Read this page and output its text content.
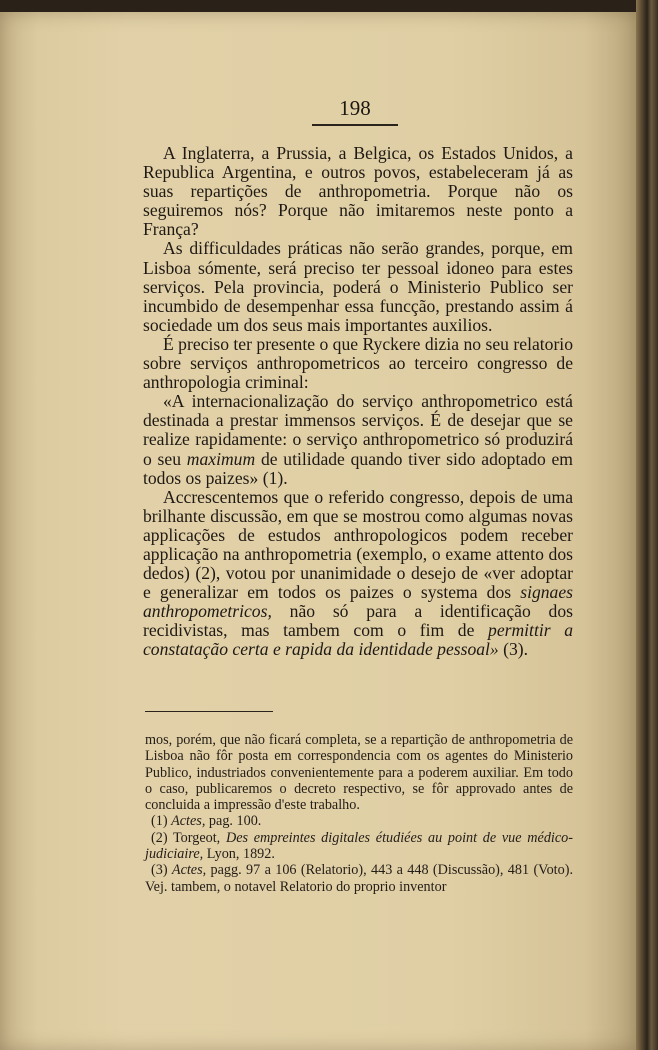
198

A Inglaterra, a Prussia, a Belgica, os Estados Unidos, a Republica Argentina, e outros povos, estabeleceram já as suas repartições de anthropometria. Porque não os seguiremos nós? Porque não imitaremos neste ponto a França?

As difficuldades práticas não serão grandes, porque, em Lisboa sómente, será preciso ter pessoal idoneo para estes serviços. Pela provincia, poderá o Ministerio Publico ser incumbido de desempenhar essa funcção, prestando assim á sociedade um dos seus mais importantes auxilios.

É preciso ter presente o que Ryckere dizia no seu relatorio sobre serviços anthropometricos ao terceiro congresso de anthropologia criminal:

«A internacionalização do serviço anthropometrico está destinada a prestar immensos serviços. É de desejar que se realize rapidamente: o serviço anthropometrico só produzirá o seu maximum de utilidade quando tiver sido adoptado em todos os paizes» (1).

Accrescentemos que o referido congresso, depois de uma brilhante discussão, em que se mostrou como algumas novas applicações de estudos anthropologicos podem receber applicação na anthropometria (exemplo, o exame attento dos dedos) (2), votou por unanimidade o desejo de «ver adoptar e generalizar em todos os paizes o systema dos signaes anthropometricos, não só para a identificação dos recidivistas, mas tambem com o fim de permittir a constatação certa e rapida da identidade pessoal» (3).

mos, porém, que não ficará completa, se a repartição de anthropometria de Lisboa não fôr posta em correspondencia com os agentes do Ministerio Publico, industriados convenientemente para a poderem auxiliar. Em todo o caso, publicaremos o decreto respectivo, se fôr approvado antes de concluida a impressão d'este trabalho.

(1) Actes, pag. 100.

(2) Torgeot, Des empreintes digitales étudiées au point de vue médico-judiciaire, Lyon, 1892.

(3) Actes, pagg. 97 a 106 (Relatorio), 443 a 448 (Discussão), 481 (Voto). Vej. tambem, o notavel Relatorio do proprio inventor
